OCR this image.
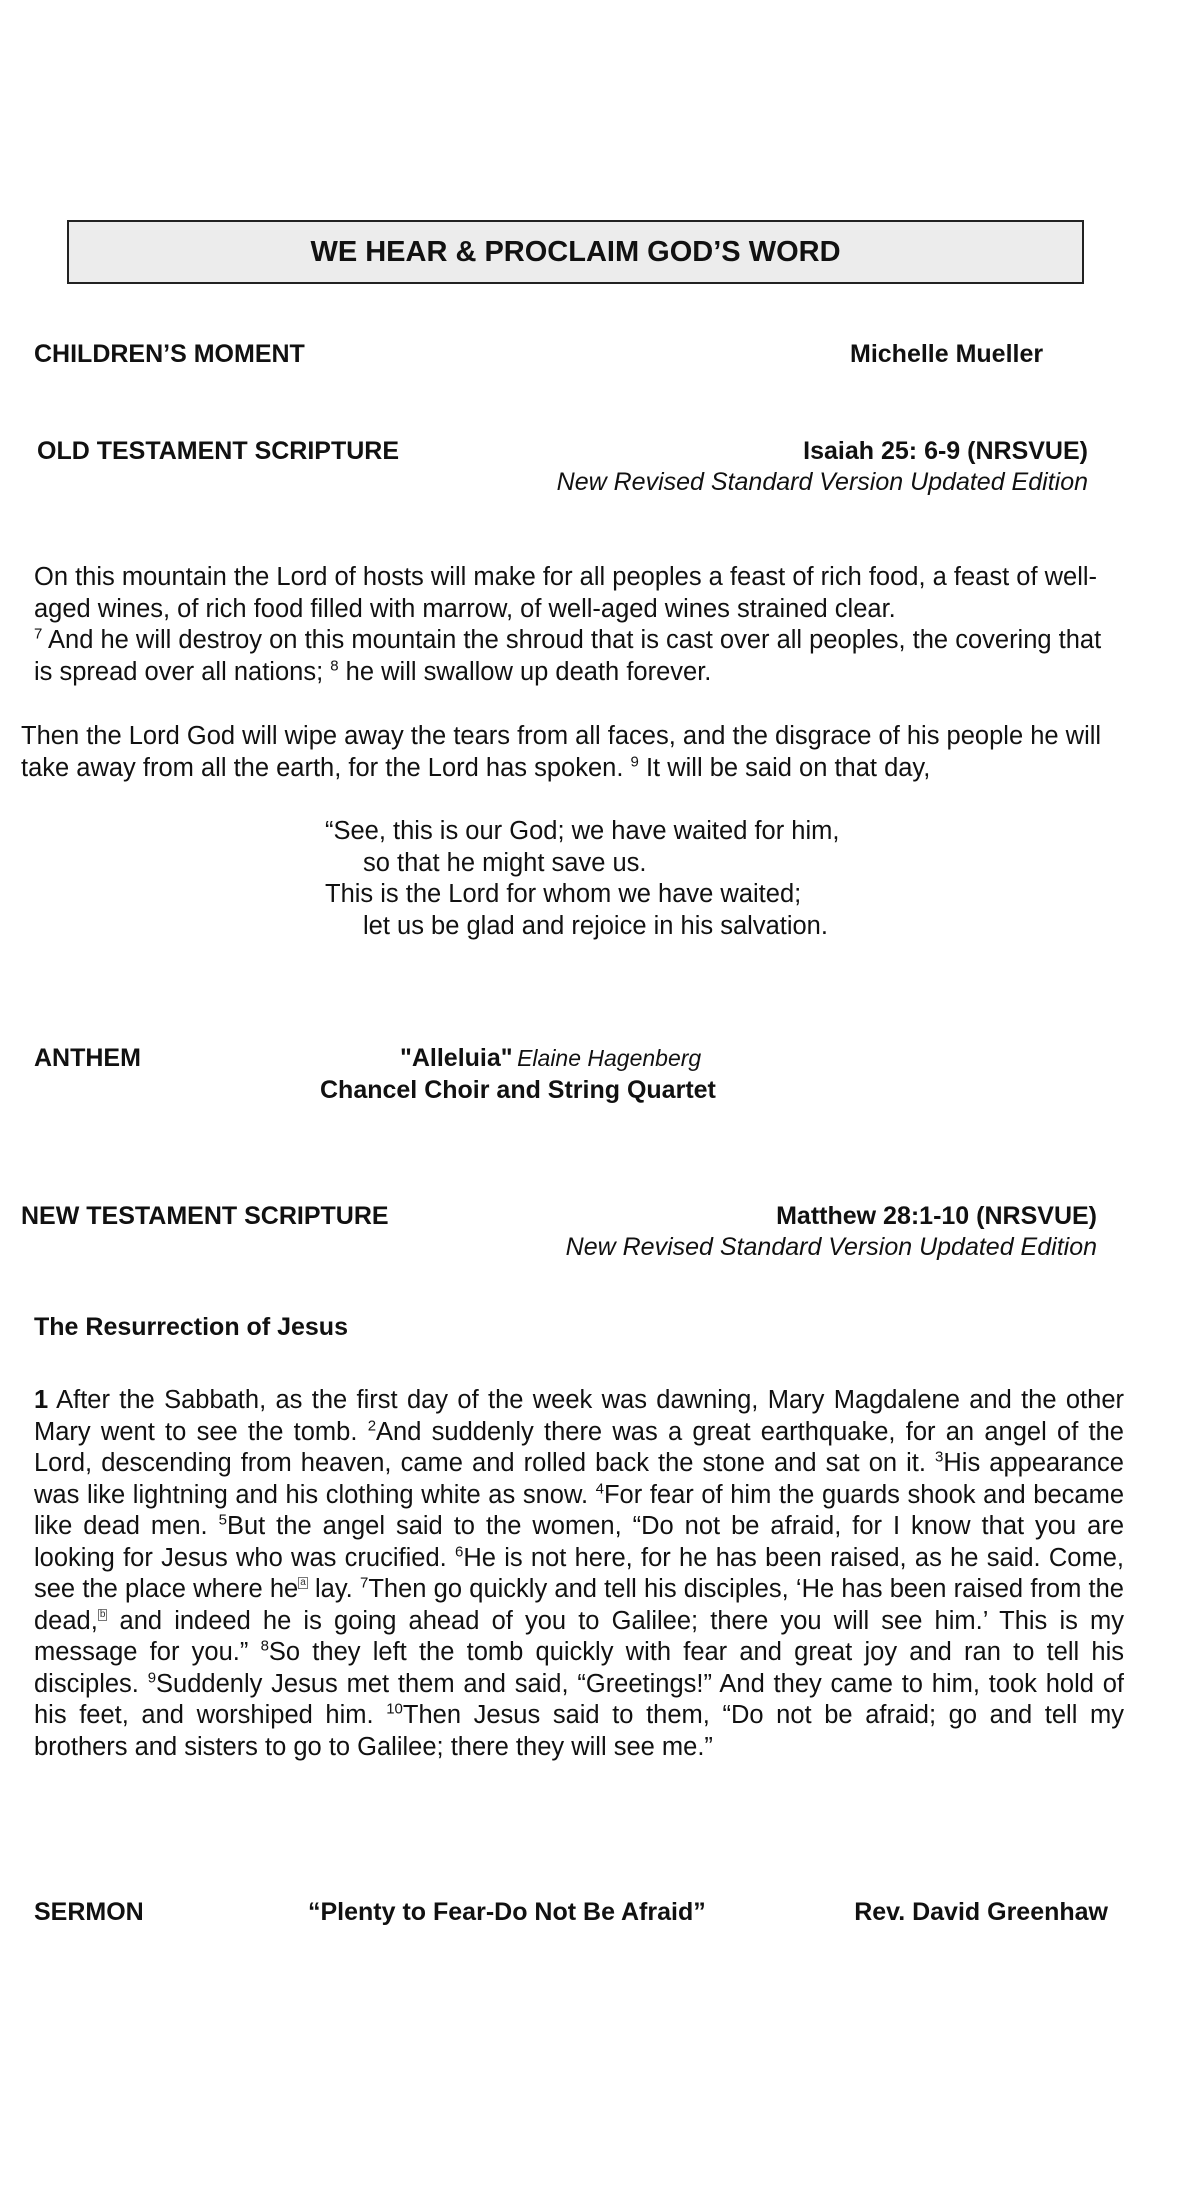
WE HEAR & PROCLAIM GOD’S WORD
CHILDREN’S MOMENT	Michelle Mueller
OLD TESTAMENT SCRIPTURE	Isaiah 25: 6-9 (NRSVUE)
New Revised Standard Version Updated Edition
On this mountain the Lord of hosts will make for all peoples a feast of rich food, a feast of well-aged wines, of rich food filled with marrow, of well-aged wines strained clear.
$^7$ And he will destroy on this mountain the shroud that is cast over all peoples, the covering that is spread over all nations; $^8$ he will swallow up death forever.
Then the Lord God will wipe away the tears from all faces, and the disgrace of his people he will take away from all the earth, for the Lord has spoken. $^9$ It will be said on that day,
“See, this is our God; we have waited for him,
so that he might save us.
This is the Lord for whom we have waited;
let us be glad and rejoice in his salvation.
ANTHEM	"Alleluia" Elaine Hagenberg
Chancel Choir and String Quartet
NEW TESTAMENT SCRIPTURE	Matthew 28:1-10 (NRSVUE)
New Revised Standard Version Updated Edition
The Resurrection of Jesus

1 After the Sabbath, as the first day of the week was dawning, Mary Magdalene and the other Mary went to see the tomb. $^2$And suddenly there was a great earthquake, for an angel of the Lord, descending from heaven, came and rolled back the stone and sat on it. $^3$His appearance was like lightning and his clothing white as snow. $^4$For fear of him the guards shook and became like dead men. $^5$But the angel said to the women, “Do not be afraid, for I know that you are looking for Jesus who was crucified. $^6$He is not here, for he has been raised, as he said. Come, see the place where he a lay. $^7$Then go quickly and tell his disciples, ‘He has been raised from the dead, b and indeed he is going ahead of you to Galilee; there you will see him.’ This is my message for you.” $^8$So they left the tomb quickly with fear and great joy and ran to tell his disciples. $^9$Suddenly Jesus met them and said, “Greetings!” And they came to him, took hold of his feet, and worshiped him. $^{10}$Then Jesus said to them, “Do not be afraid; go and tell my brothers and sisters to go to Galilee; there they will see me.”

SERMON	“Plenty to Fear-Do Not Be Afraid”	Rev. David Greenhaw
